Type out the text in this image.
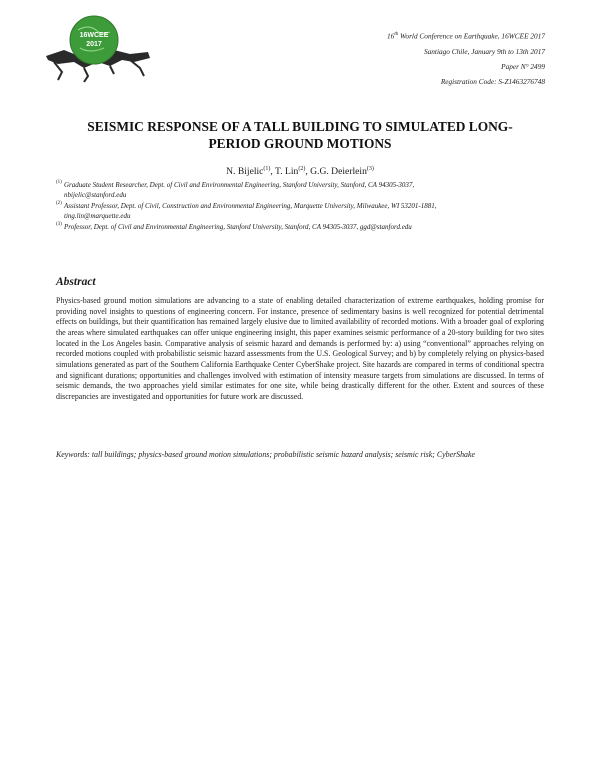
16WCEE
2017
16th World Conference on Earthquake, 16WCEE 2017
Santiago Chile, January 9th to 13th 2017
Paper N° 2499
Registration Code: S-Z1463276748
SEISMIC RESPONSE OF A TALL BUILDING TO SIMULATED LONG-PERIOD GROUND MOTIONS
N. Bijelic$^{(1)}$, T. Lin$^{(2)}$, G.G. Deierlein$^{(3)}$
(1) Graduate Student Researcher, Dept. of Civil and Environmental Engineering, Stanford University, Stanford, CA 94305-3037,
nbijelic@stanford.edu
(2) Assistant Professor, Dept. of Civil, Construction and Environmental Engineering, Marquette University, Milwaukee, WI 53201-1881,
ting.lin@marquette.edu
(3) Professor, Dept. of Civil and Environmental Engineering, Stanford University, Stanford, CA 94305-3037, ggd@stanford.edu
Abstract

Physics-based ground motion simulations are advancing to a state of enabling detailed characterization of extreme earthquakes, holding promise for providing novel insights to questions of engineering concern. For instance, presence of sedimentary basins is well recognized for potential detrimental effects on buildings, but their quantification has remained largely elusive due to limited availability of recorded motions. With a broader goal of exploring the areas where simulated earthquakes can offer unique engineering insight, this paper examines seismic performance of a 20-story building for two sites located in the Los Angeles basin. Comparative analysis of seismic hazard and demands is performed by: a) using “conventional” approaches relying on recorded motions coupled with probabilistic seismic hazard assessments from the U.S. Geological Survey; and b) by completely relying on physics-based simulations generated as part of the Southern California Earthquake Center CyberShake project. Site hazards are compared in terms of conditional spectra and significant durations; opportunities and challenges involved with estimation of intensity measure targets from simulations are discussed. In terms of seismic demands, the two approaches yield similar estimates for one site, while being drastically different for the other. Extent and sources of these discrepancies are investigated and opportunities for future work are discussed.

Keywords: tall buildings; physics-based ground motion simulations; probabilistic seismic hazard analysis; seismic risk; CyberShake
